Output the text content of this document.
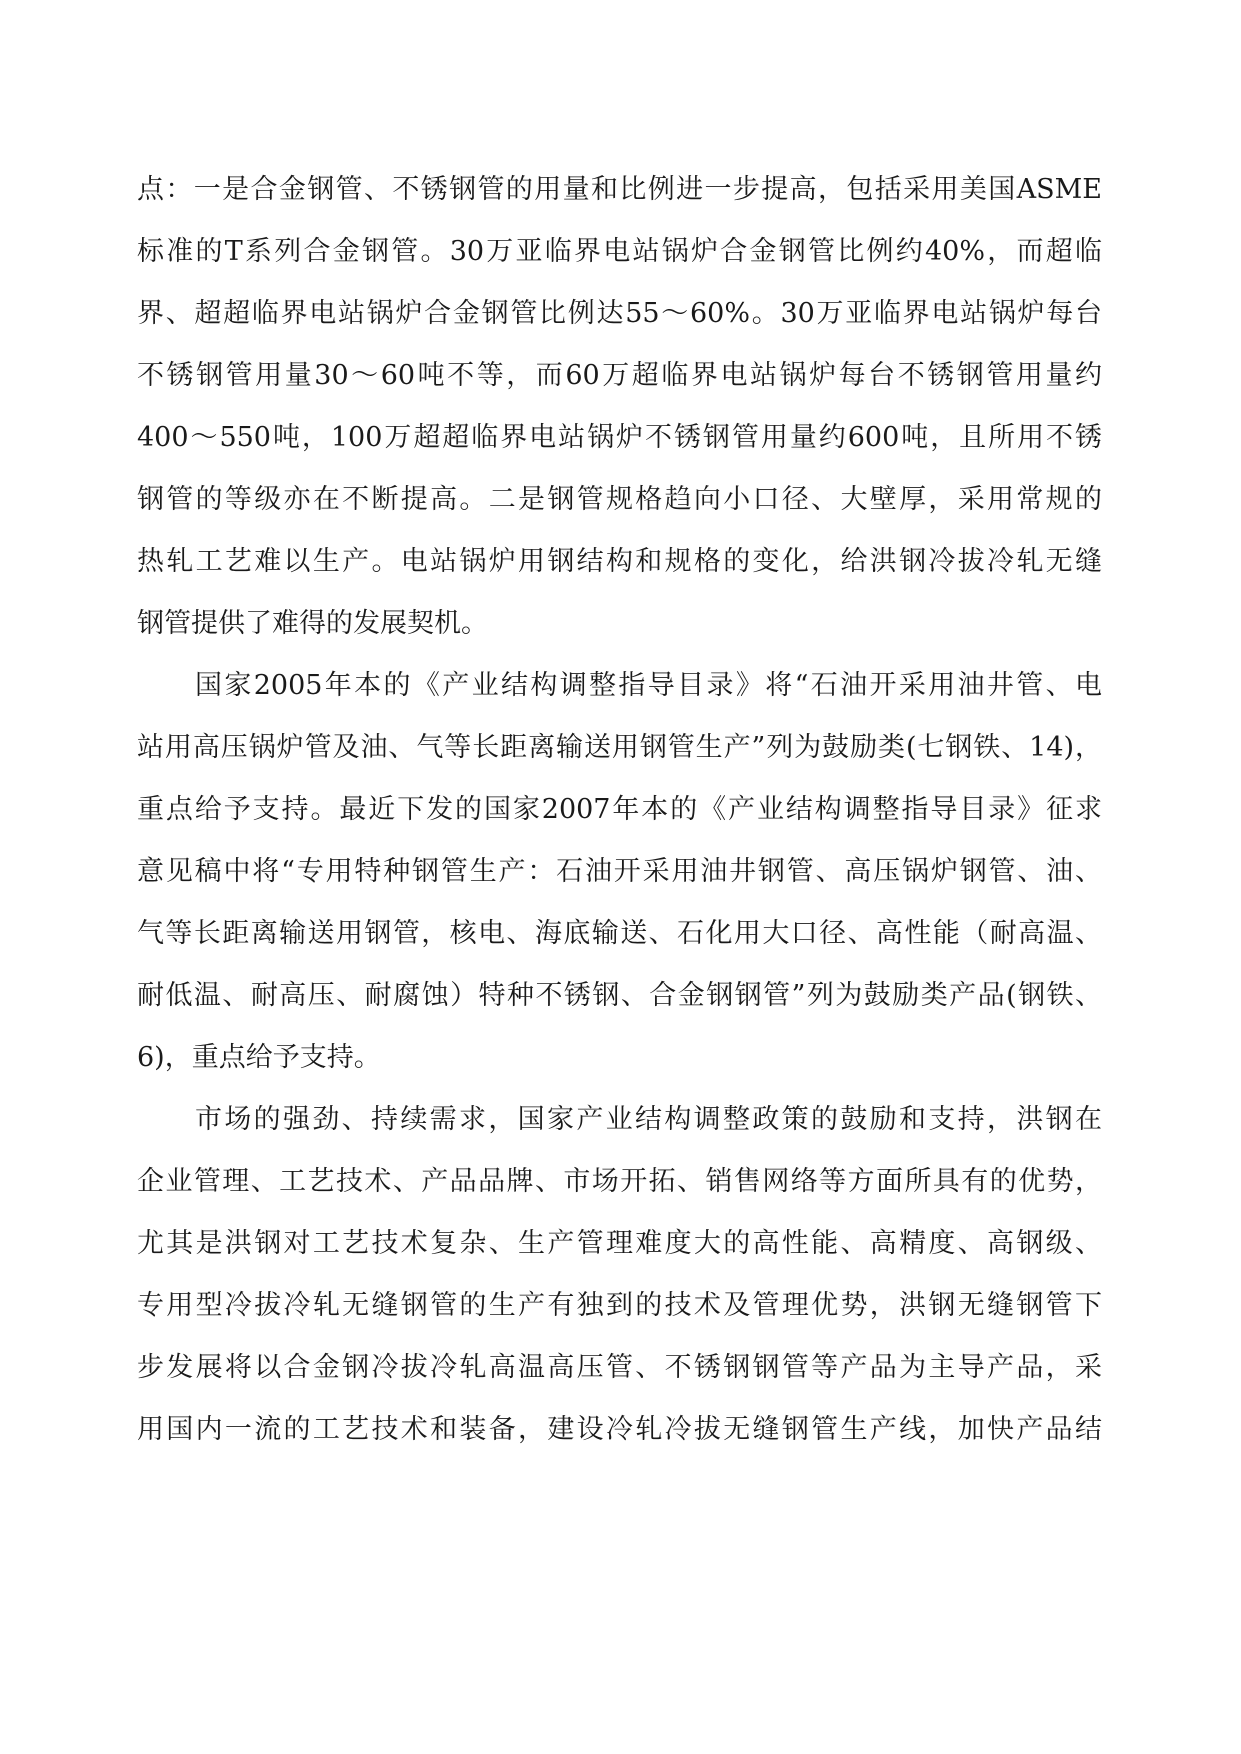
点：一是合金钢管、不锈钢管的用量和比例进一步提高，包括采用美国ASME
标准的T系列合金钢管。30万亚临界电站锅炉合金钢管比例约40%，而超临
界、超超临界电站锅炉合金钢管比例达55～60%。30万亚临界电站锅炉每台
不锈钢管用量30～60吨不等，而60万超临界电站锅炉每台不锈钢管用量约
400～550吨，100万超超临界电站锅炉不锈钢管用量约600吨，且所用不锈
钢管的等级亦在不断提高。二是钢管规格趋向小口径、大壁厚，采用常规的
热轧工艺难以生产。电站锅炉用钢结构和规格的变化，给洪钢冷拔冷轧无缝
钢管提供了难得的发展契机。
国家2005年本的《产业结构调整指导目录》将“石油开采用油井管、电
站用高压锅炉管及油、气等长距离输送用钢管生产”列为鼓励类(七钢铁、14)，
重点给予支持。最近下发的国家2007年本的《产业结构调整指导目录》征求
意见稿中将“专用特种钢管生产：石油开采用油井钢管、高压锅炉钢管、油、
气等长距离输送用钢管，核电、海底输送、石化用大口径、高性能（耐高温、
耐低温、耐高压、耐腐蚀）特种不锈钢、合金钢钢管”列为鼓励类产品(钢铁、
6)，重点给予支持。
市场的强劲、持续需求，国家产业结构调整政策的鼓励和支持，洪钢在
企业管理、工艺技术、产品品牌、市场开拓、销售网络等方面所具有的优势，
尤其是洪钢对工艺技术复杂、生产管理难度大的高性能、高精度、高钢级、
专用型冷拔冷轧无缝钢管的生产有独到的技术及管理优势，洪钢无缝钢管下
步发展将以合金钢冷拔冷轧高温高压管、不锈钢钢管等产品为主导产品，采
用国内一流的工艺技术和装备，建设冷轧冷拔无缝钢管生产线，加快产品结
